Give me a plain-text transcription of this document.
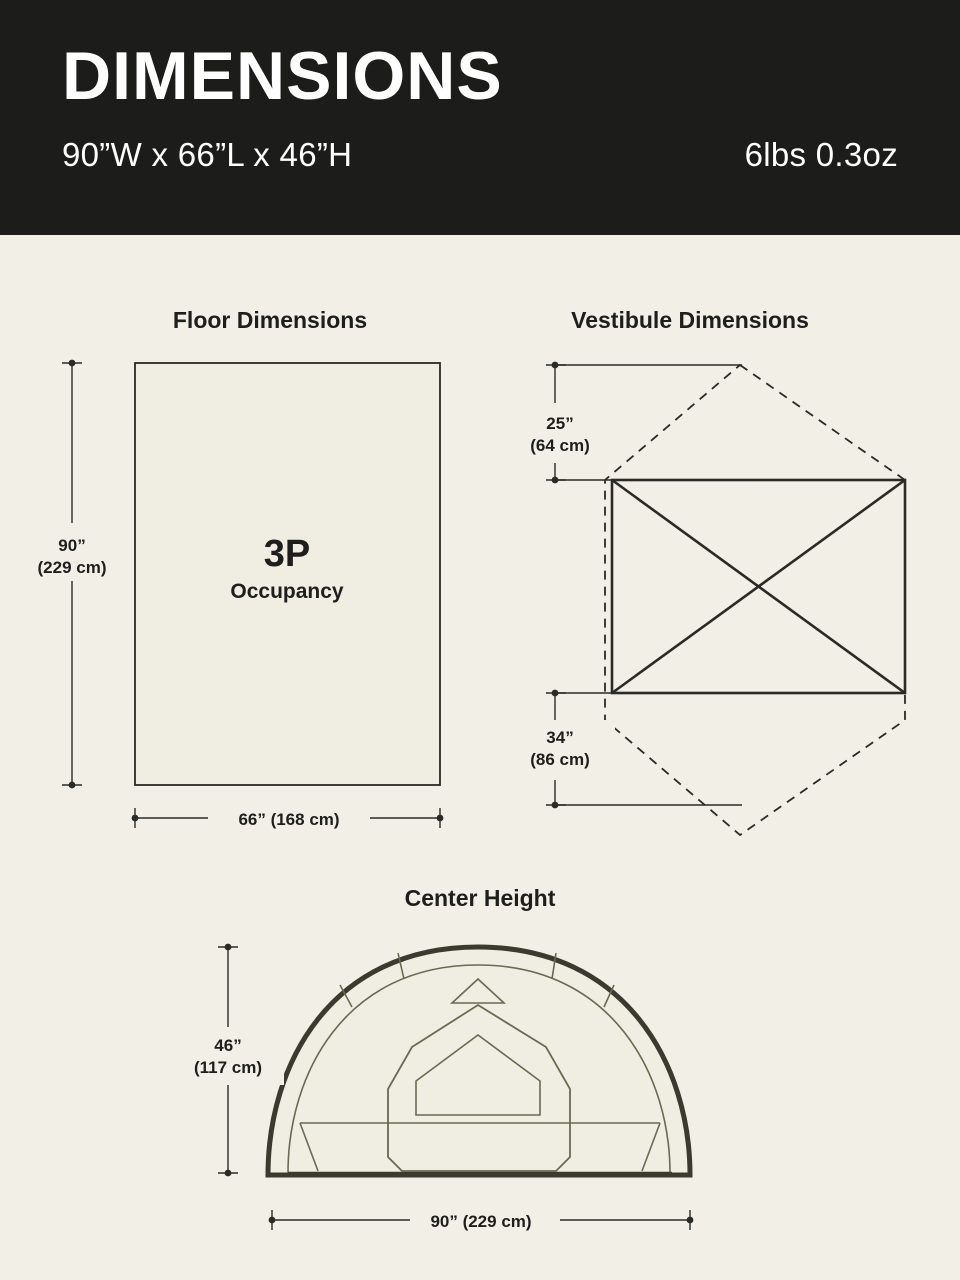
DIMENSIONS
90”W x 66”L x 46”H	6lbs 0.3oz
Floor Dimensions	Vestibule Dimensions
Center Height
3P
Occupancy
90”
(229 cm)
66” (168 cm)
25”
(64 cm)
34”
(86 cm)
46”
(117 cm)
90” (229 cm)
